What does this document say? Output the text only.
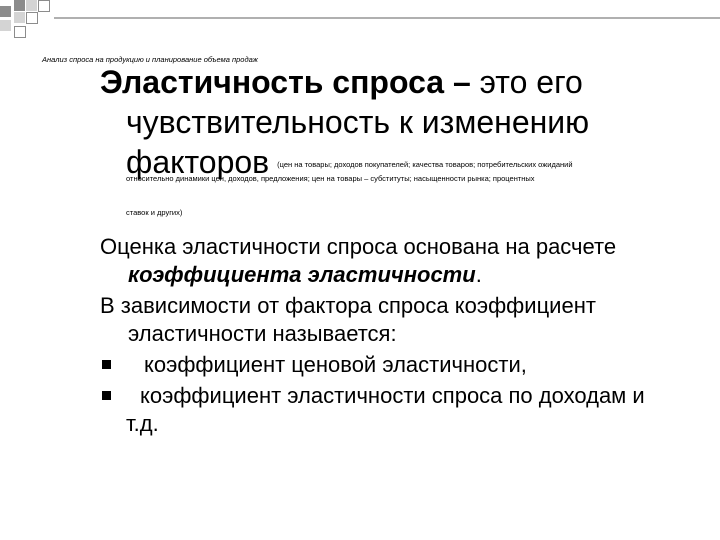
Анализ спроса на продукцию и планирование объема продаж
Эластичность спроса – это его
чувствительность к изменению
факторов (цен на товары; доходов покупателей; качества товаров; потребительских ожиданий
относительно динамики цен, доходов, предложения; цен на товары – субституты; насыщенности рынка; процентных
ставок и других)
Оценка эластичности спроса основана на расчете
коэффициента эластичности.
В зависимости от фактора спроса коэффициент
эластичности называется:
коэффициент ценовой эластичности,
коэффициент эластичности спроса по доходам и
т.д.
